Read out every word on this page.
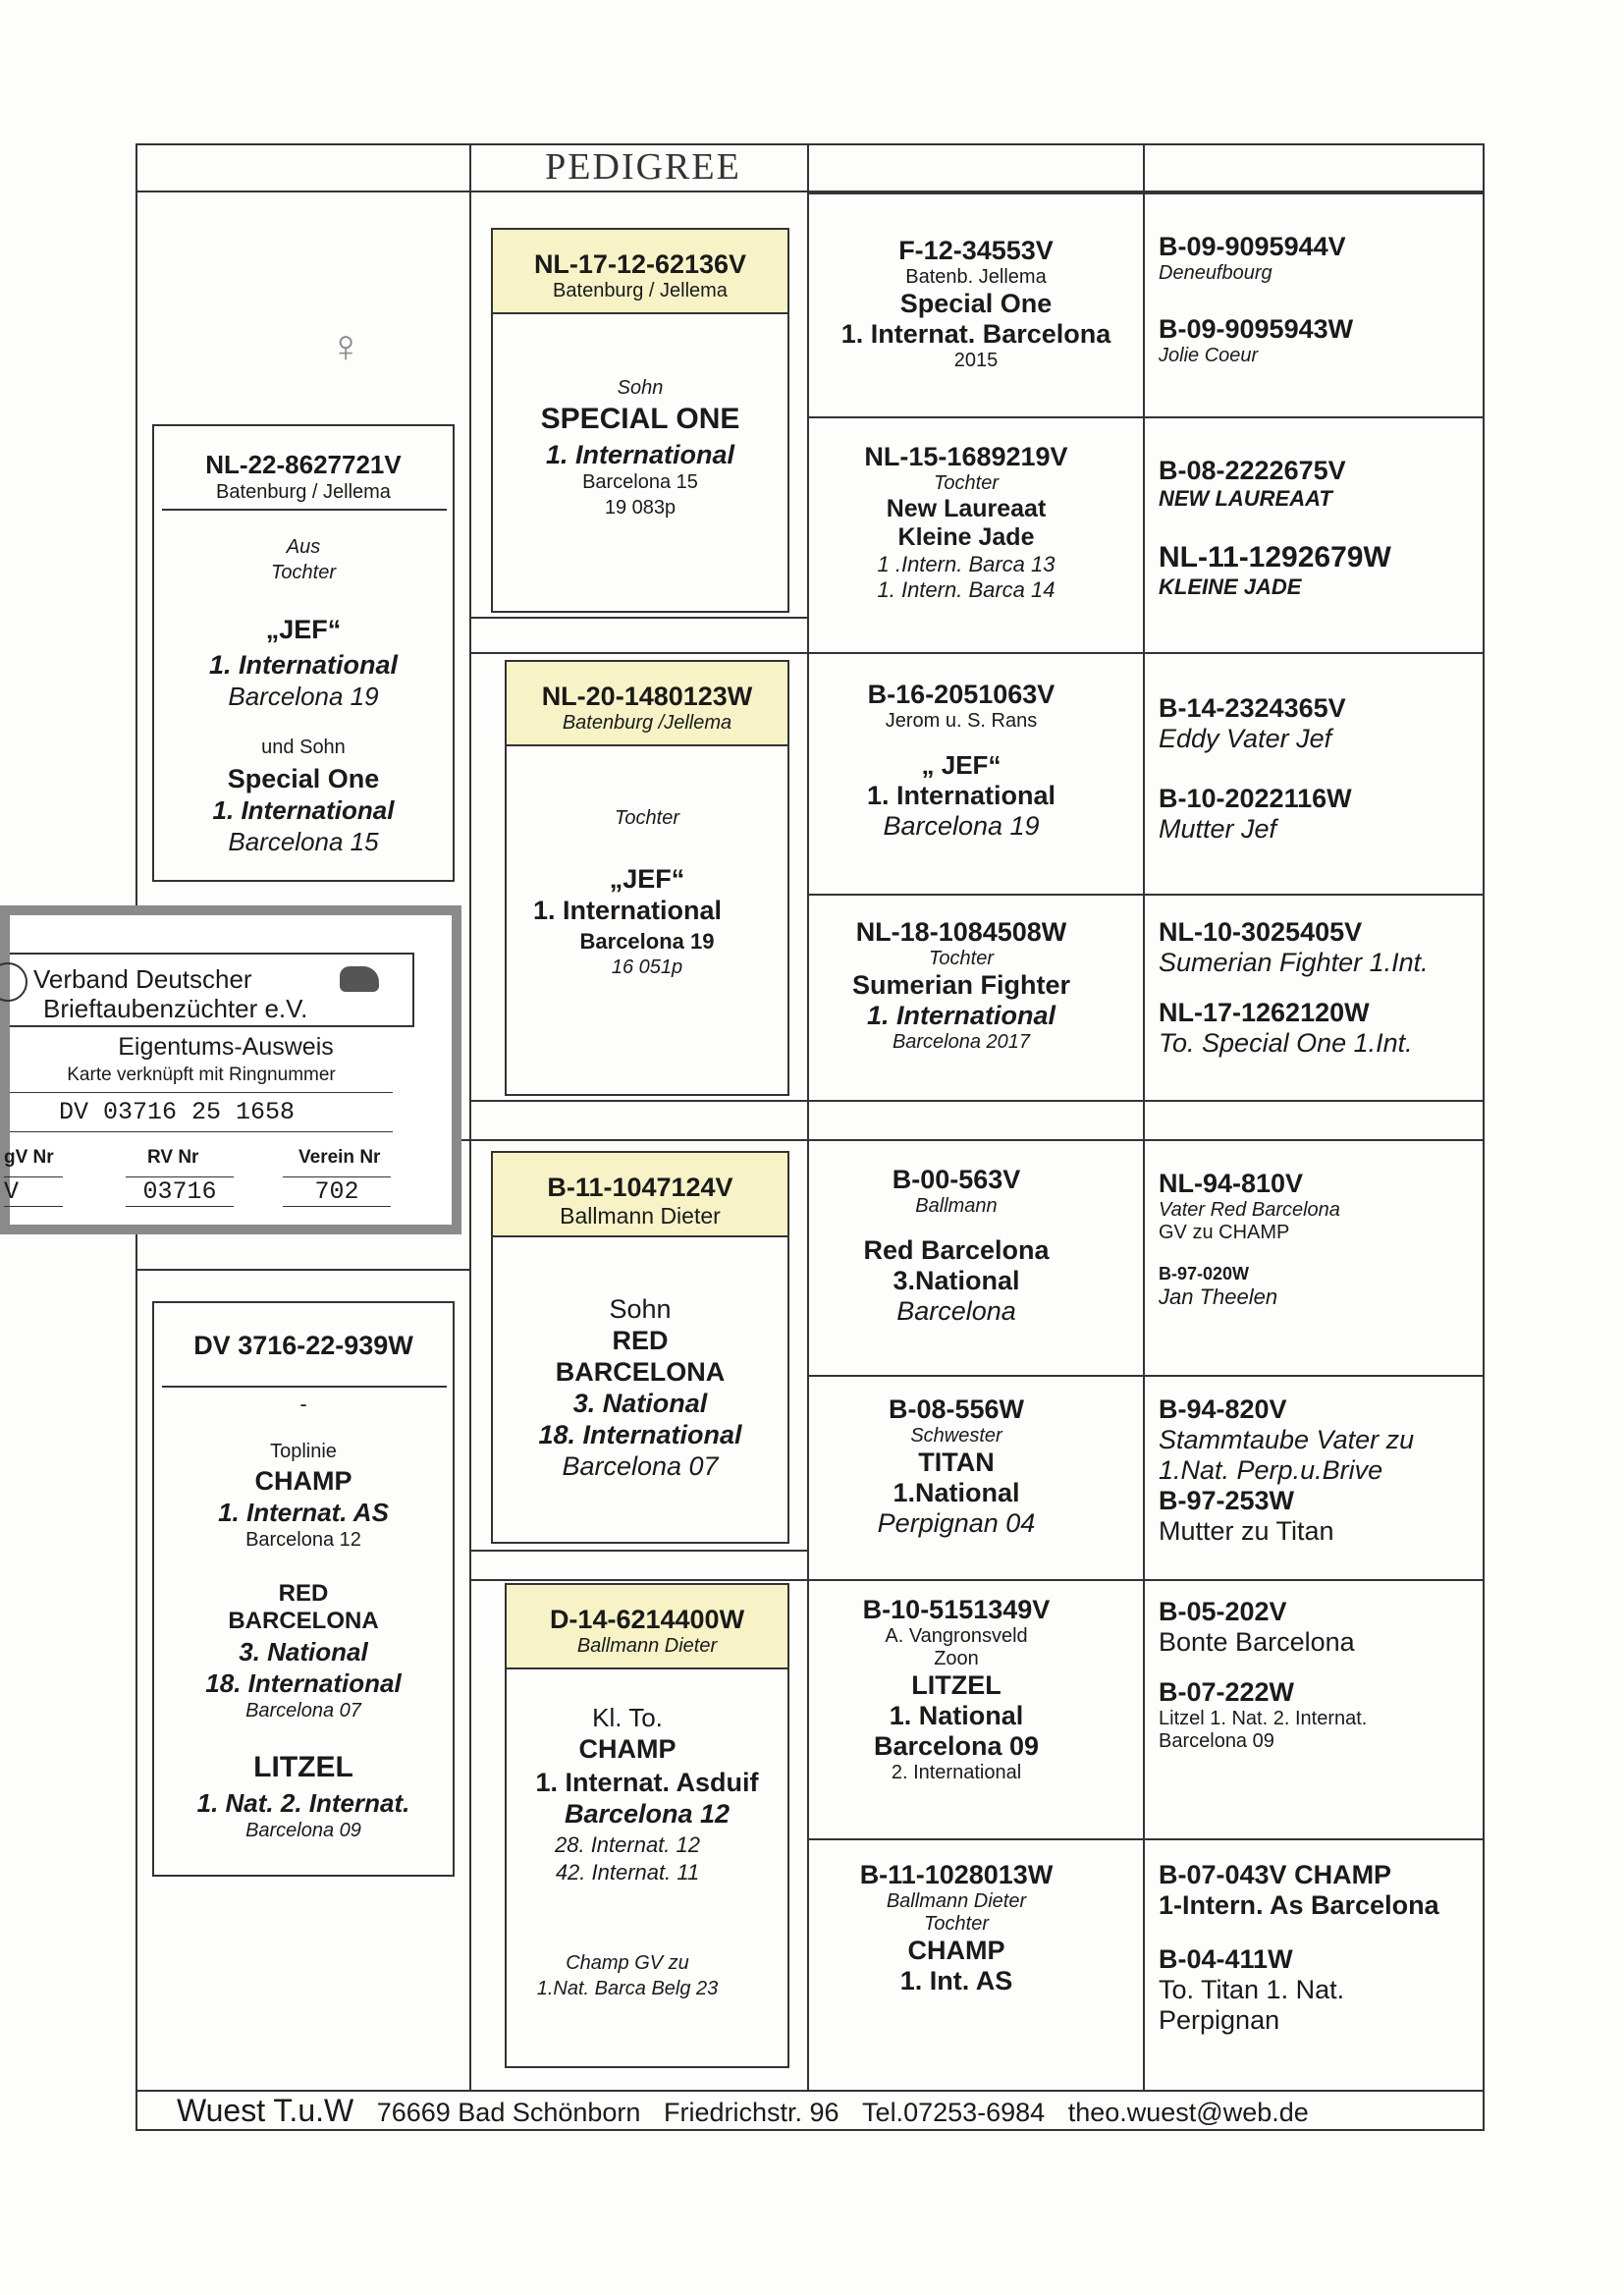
PEDIGREE
♀
NL-22-8627721V
Batenburg / Jellema
Aus
Tochter
„JEF“
1. International
Barcelona 19
und Sohn
Special One
1. International
Barcelona 15
DV 3716-22-939W
-
Toplinie
CHAMP
1. Internat. AS
Barcelona 12
RED
BARCELONA
3. National
18. International
Barcelona 07
LITZEL
1. Nat. 2. Internat.
Barcelona 09
Verband Deutscher
Brieftaubenzüchter e.V.
Eigentums-Ausweis
Karte verknüpft mit Ringnummer
DV 03716 25 1658
gV Nr	RV Nr	Verein Nr
V	03716	702
NL-17-12-62136V
Batenburg / Jellema
Sohn
SPECIAL ONE
1. International
Barcelona 15
19 083p
NL-20-1480123W
Batenburg /Jellema
Tochter
„JEF“
1. International
Barcelona 19
16 051p
B-11-1047124V
Ballmann Dieter
Sohn
RED
BARCELONA
3. National
18. International
Barcelona 07
D-14-6214400W
Ballmann Dieter
Kl. To.
CHAMP
1. Internat. Asduif
Barcelona 12
28. Internat. 12
42. Internat. 11
Champ GV zu
1.Nat. Barca Belg 23
F-12-34553V
Batenb. Jellema
Special One
1. Internat. Barcelona
2015
NL-15-1689219V
Tochter
New Laureaat
Kleine Jade
1 .Intern. Barca 13
1. Intern. Barca 14
B-16-2051063V
Jerom u. S. Rans
„ JEF“
1. International
Barcelona 19
NL-18-1084508W
Tochter
Sumerian Fighter
1. International
Barcelona 2017
B-00-563V
Ballmann
Red Barcelona
3.National
Barcelona
B-08-556W
Schwester
TITAN
1.National
Perpignan 04
B-10-5151349V
A. Vangronsveld
Zoon
LITZEL
1. National
Barcelona 09
2. International
B-11-1028013W
Ballmann Dieter
Tochter
CHAMP
1. Int. AS
B-09-9095944V
Deneufbourg
B-09-9095943W
Jolie Coeur
B-08-2222675V
NEW LAUREAAT
NL-11-1292679W
KLEINE JADE
B-14-2324365V
Eddy Vater Jef
B-10-2022116W
Mutter Jef
NL-10-3025405V
Sumerian Fighter 1.Int.
NL-17-1262120W
To. Special One 1.Int.
NL-94-810V
Vater Red Barcelona
GV zu CHAMP
B-97-020W
Jan Theelen
B-94-820V
Stammtaube Vater zu
1.Nat. Perp.u.Brive
B-97-253W
Mutter zu Titan
B-05-202V
Bonte Barcelona
B-07-222W
Litzel 1. Nat. 2. Internat.
Barcelona 09
B-07-043V CHAMP
1-Intern. As Barcelona
B-04-411W
To. Titan 1. Nat.
Perpignan
Wuest T.u.W 76669 Bad Schönborn Friedrichstr. 96 Tel.07253-6984 theo.wuest@web.de
